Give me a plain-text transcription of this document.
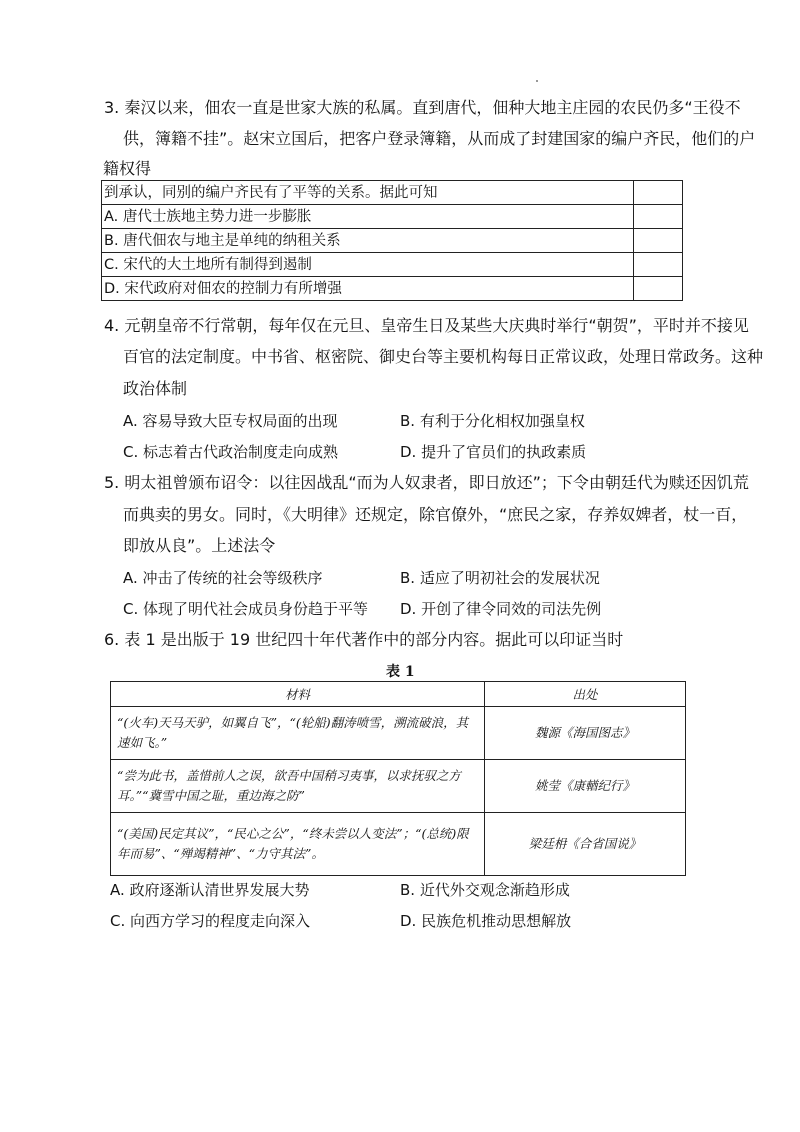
3. 秦汉以来，佃农一直是世家大族的私属。直到唐代，佃种大地主庄园的农民仍多“王役不
供，簿籍不挂”。赵宋立国后，把客户登录簿籍，从而成了封建国家的编户齐民，他们的户
籍权得
到承认，同别的编户齐民有了平等的关系。据此可知	
A. 唐代士族地主势力进一步膨胀	
B. 唐代佃农与地主是单纯的纳租关系	
C. 宋代的大土地所有制得到遏制	
D. 宋代政府对佃农的控制力有所增强	
4. 元朝皇帝不行常朝，每年仅在元旦、皇帝生日及某些大庆典时举行“朝贺”，平时并不接见
百官的法定制度。中书省、枢密院、御史台等主要机构每日正常议政，处理日常政务。这种
政治体制
A. 容易导致大臣专权局面的出现	B. 有利于分化相权加强皇权
C. 标志着古代政治制度走向成熟	D. 提升了官员们的执政素质
5. 明太祖曾颁布诏令：以往因战乱“而为人奴隶者，即日放还”；下令由朝廷代为赎还因饥荒
而典卖的男女。同时，《大明律》还规定，除官僚外，“庶民之家，存养奴婢者，杖一百，
即放从良”。上述法令
A. 冲击了传统的社会等级秩序	B. 适应了明初社会的发展状况
C. 体现了明代社会成员身份趋于平等 D. 开创了律令同效的司法先例
6. 表 1 是出版于 19 世纪四十年代著作中的部分内容。据此可以印证当时
表 1
材料	出处
“(火车)天马天驴，如翼自飞”，“(轮船)翻涛喷雪，溯流破浪，其速如飞。”	魏源《海国图志》
“尝为此书，盖惜前人之误，欲吾中国稍习夷事，以求抚驭之方耳。”“冀雪中国之耻，重边海之防”	姚莹《康輶纪行》
“(美国)民定其议”，“民心之公”，“终未尝以人变法”；“(总统)限年而易”、“殚竭精神”、“力守其法”。	梁廷枏《合省国说》
A. 政府逐渐认清世界发展大势	B. 近代外交观念渐趋形成
C. 向西方学习的程度走向深入	D. 民族危机推动思想解放
